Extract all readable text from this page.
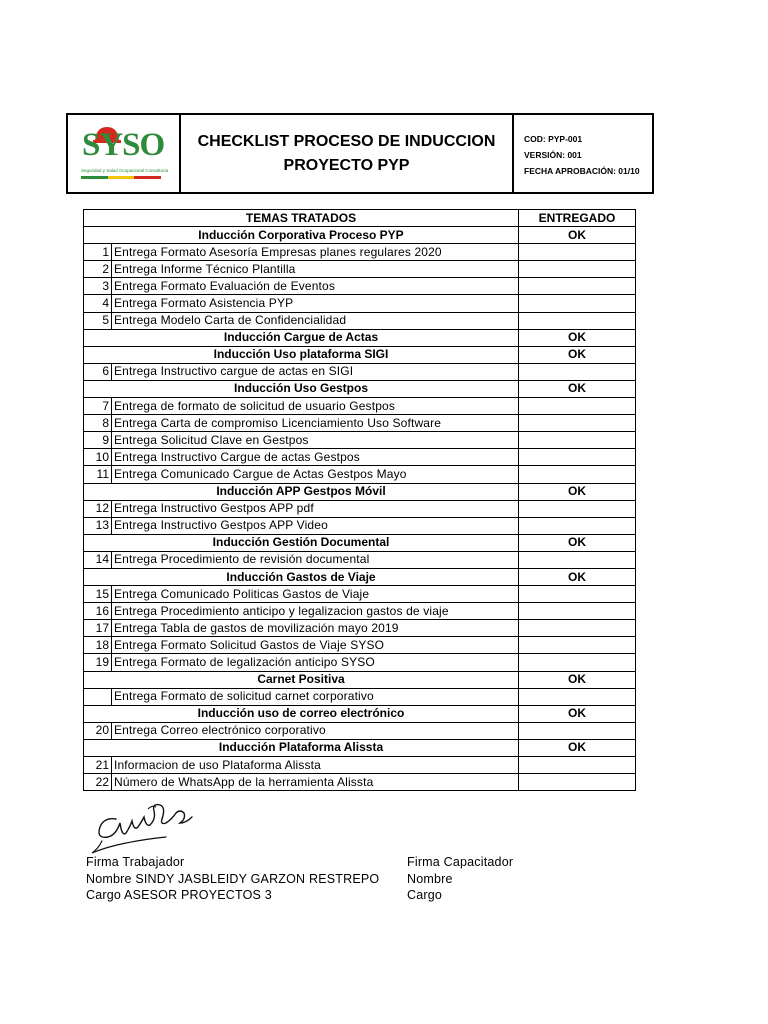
SYSO
Seguridad y Salud Ocupacional Consultoría
CHECKLIST PROCESO DE INDUCCION
PROYECTO PYP
COD: PYP-001
VERSIÓN: 001
FECHA APROBACIÓN: 01/10
TEMAS TRATADOS		ENTREGADO
Inducción Corporativa Proceso PYP		OK
1	Entrega Formato Asesoría Empresas planes regulares 2020	
2	Entrega Informe Técnico Plantilla	
3	Entrega Formato Evaluación de Eventos	
4	Entrega Formato Asistencia PYP	
5	Entrega Modelo Carta de Confidencialidad	
Inducción Cargue de Actas		OK
Inducción Uso plataforma SIGI		OK
6	Entrega Instructivo cargue de actas en SIGI	
Inducción Uso Gestpos		OK
7	Entrega de formato de solicitud de usuario Gestpos	
8	Entrega Carta de compromiso Licenciamiento Uso Software	
9	Entrega Solicitud Clave en Gestpos	
10	Entrega Instructivo Cargue de actas Gestpos	
11	Entrega Comunicado Cargue de Actas Gestpos Mayo	
Inducción APP Gestpos Móvil		OK
12	Entrega Instructivo Gestpos APP pdf	
13	Entrega Instructivo Gestpos APP Video	
Inducción Gestión Documental		OK
14	Entrega Procedimiento de revisión documental	
Inducción Gastos de Viaje		OK
15	Entrega Comunicado Politicas Gastos de Viaje	
16	Entrega Procedimiento anticipo y legalizacion gastos de viaje	
17	Entrega Tabla de gastos de movilización mayo 2019	
18	Entrega Formato Solicitud Gastos de Viaje SYSO	
19	Entrega Formato de legalización anticipo SYSO	
Carnet Positiva		OK
	Entrega Formato de solicitud carnet corporativo	
Inducción uso de correo electrónico		OK
20	Entrega Correo electrónico corporativo	
Inducción Plataforma Alissta		OK
21	Informacion de uso Plataforma Alissta	
22	Número de WhatsApp de la herramienta Alissta	
Firma Trabajador
Nombre SINDY JASBLEIDY GARZON RESTREPO
Cargo ASESOR PROYECTOS 3
Firma Capacitador
Nombre
Cargo
